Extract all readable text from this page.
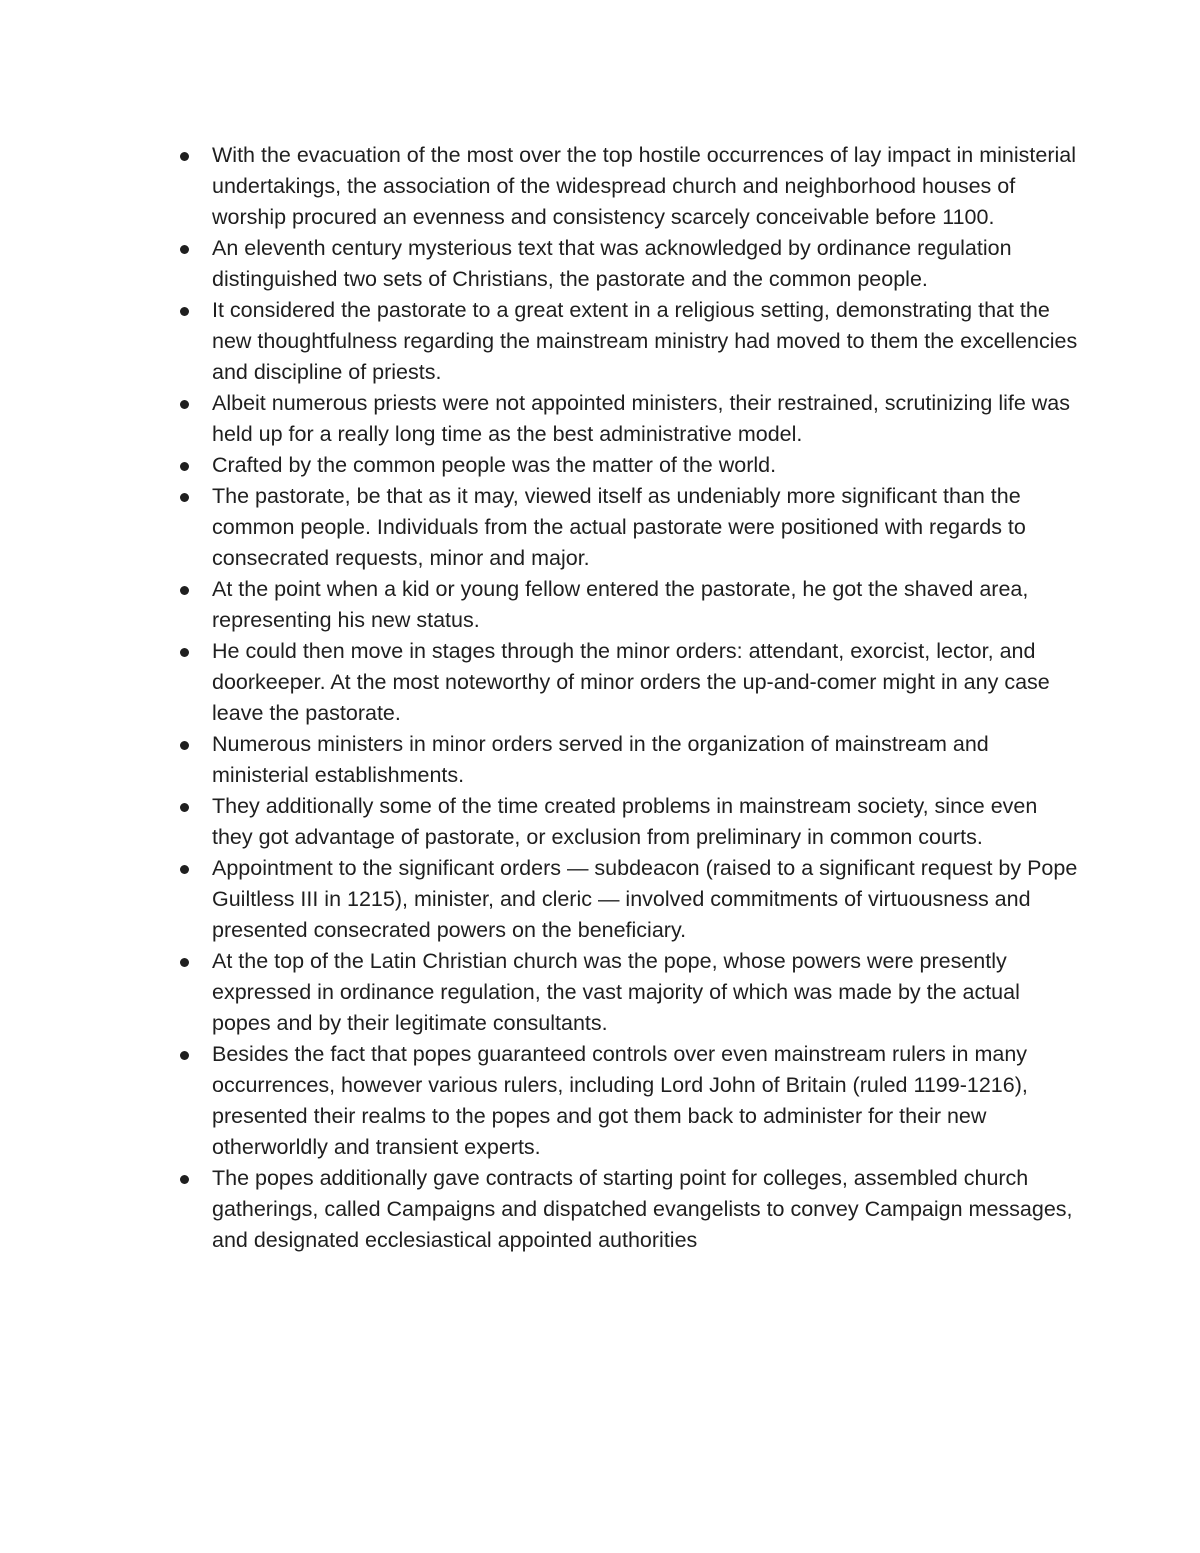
With the evacuation of the most over the top hostile occurrences of lay impact in ministerial undertakings, the association of the widespread church and neighborhood houses of worship procured an evenness and consistency scarcely conceivable before 1100.
An eleventh century mysterious text that was acknowledged by ordinance regulation distinguished two sets of Christians, the pastorate and the common people.
It considered the pastorate to a great extent in a religious setting, demonstrating that the new thoughtfulness regarding the mainstream ministry had moved to them the excellencies and discipline of priests.
Albeit numerous priests were not appointed ministers, their restrained, scrutinizing life was held up for a really long time as the best administrative model.
Crafted by the common people was the matter of the world.
The pastorate, be that as it may, viewed itself as undeniably more significant than the common people. Individuals from the actual pastorate were positioned with regards to consecrated requests, minor and major.
At the point when a kid or young fellow entered the pastorate, he got the shaved area, representing his new status.
He could then move in stages through the minor orders: attendant, exorcist, lector, and doorkeeper. At the most noteworthy of minor orders the up-and-comer might in any case leave the pastorate.
Numerous ministers in minor orders served in the organization of mainstream and ministerial establishments.
They additionally some of the time created problems in mainstream society, since even they got advantage of pastorate, or exclusion from preliminary in common courts.
Appointment to the significant orders — subdeacon (raised to a significant request by Pope Guiltless III in 1215), minister, and cleric — involved commitments of virtuousness and presented consecrated powers on the beneficiary.
At the top of the Latin Christian church was the pope, whose powers were presently expressed in ordinance regulation, the vast majority of which was made by the actual popes and by their legitimate consultants.
Besides the fact that popes guaranteed controls over even mainstream rulers in many occurrences, however various rulers, including Lord John of Britain (ruled 1199-1216), presented their realms to the popes and got them back to administer for their new otherworldly and transient experts.
The popes additionally gave contracts of starting point for colleges, assembled church gatherings, called Campaigns and dispatched evangelists to convey Campaign messages, and designated ecclesiastical appointed authorities
